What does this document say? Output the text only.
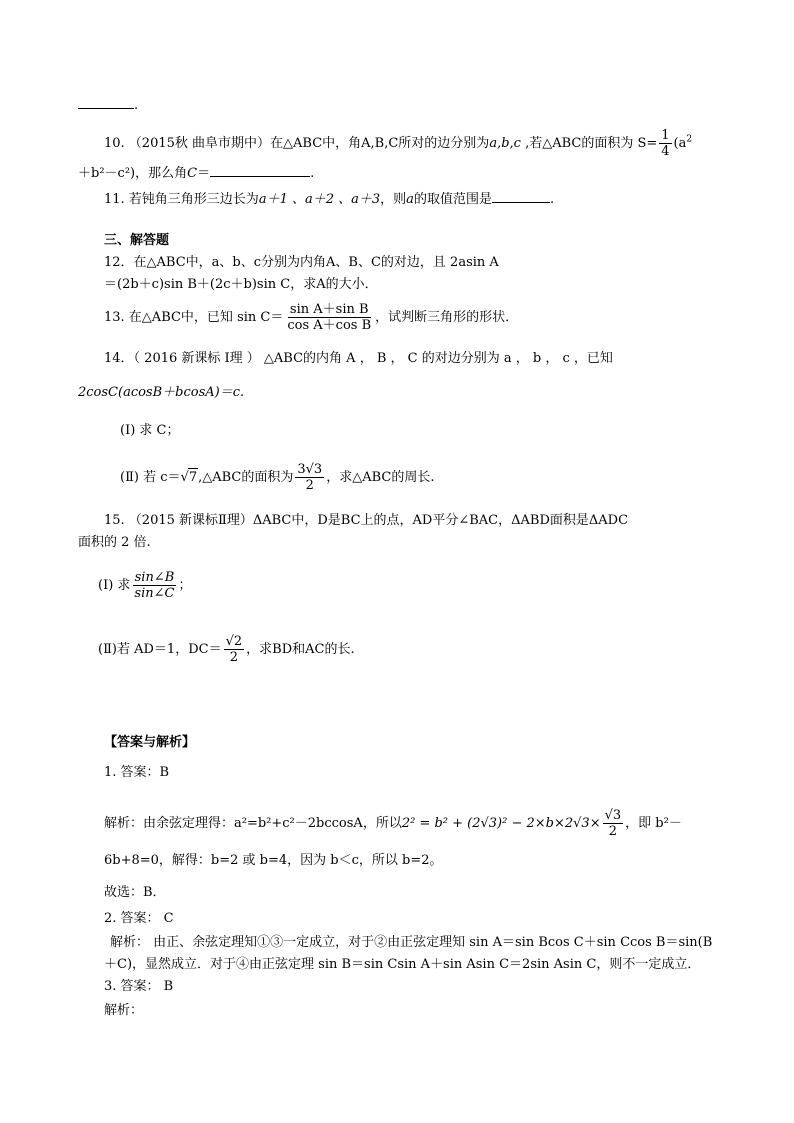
.
10. （2015秋 曲阜市期中）在△ABC中，角A,B,C所对的边分别为a,b,c ,若△ABC的面积为 $S= \frac{1}{4} (a^2$
＋b²－c²)，那么角C＝	.
11. 若钝角三角形三边长为a＋1 、a＋2 、a＋3，则a的取值范围是	.
三、解答题
12．在△ABC中，a、b、c分别为内角A、B、C的对边，且 2asin A
＝(2b＋c)sin B＋(2c＋b)sin C，求A的大小．
13. 在△ABC中，已知 $\sin C= \frac{\text{sin A＋sin B}}{\text{cos A＋cos B}}$ ，试判断三角形的形状．
14．（ 2016 新课标 Ⅰ理 ） △ABC的内角 A ， B ， C 的对边分别为 a ， b ， c ，已知
2cosC(acosB＋bcosA)＝c.
(Ⅰ) 求 C；
(Ⅱ) 若 c＝√7,△ABC的面积为 $\frac{3√3}{2}$ ，求△ABC的周长.
15. （2015 新课标Ⅱ理）ΔABC中，D是BC上的点，AD平分∠BAC，ΔABD面积是ΔADC
面积的 2 倍.
(Ⅰ) 求 $\frac{\sin\angle B}{\sin\angle C}$ ；
(Ⅱ)若 AD＝1，$DC= \frac{√2}{2}$ ，求BD和AC的长.
【答案与解析】
1. 答案：B
解析：由余弦定理得：a²=b²+c²－2bccosA，所以$2^2 = b^2 + (2√3)^2 - 2\times b\times 2√3\times \frac{√3}{2}$ ，即 b²－
6b+8=0，解得：b=2 或 b=4，因为 b＜c，所以 b=2。
故选：B．
2. 答案： C
解析： 由正、余弦定理知①③一定成立，对于②由正弦定理知 sin A＝sin Bcos C＋sin Ccos B＝sin(B
＋C)，显然成立．对于④由正弦定理 sin B＝sin Csin A＋sin Asin C＝2sin Asin C，则不一定成立．
3. 答案： B
解析：
